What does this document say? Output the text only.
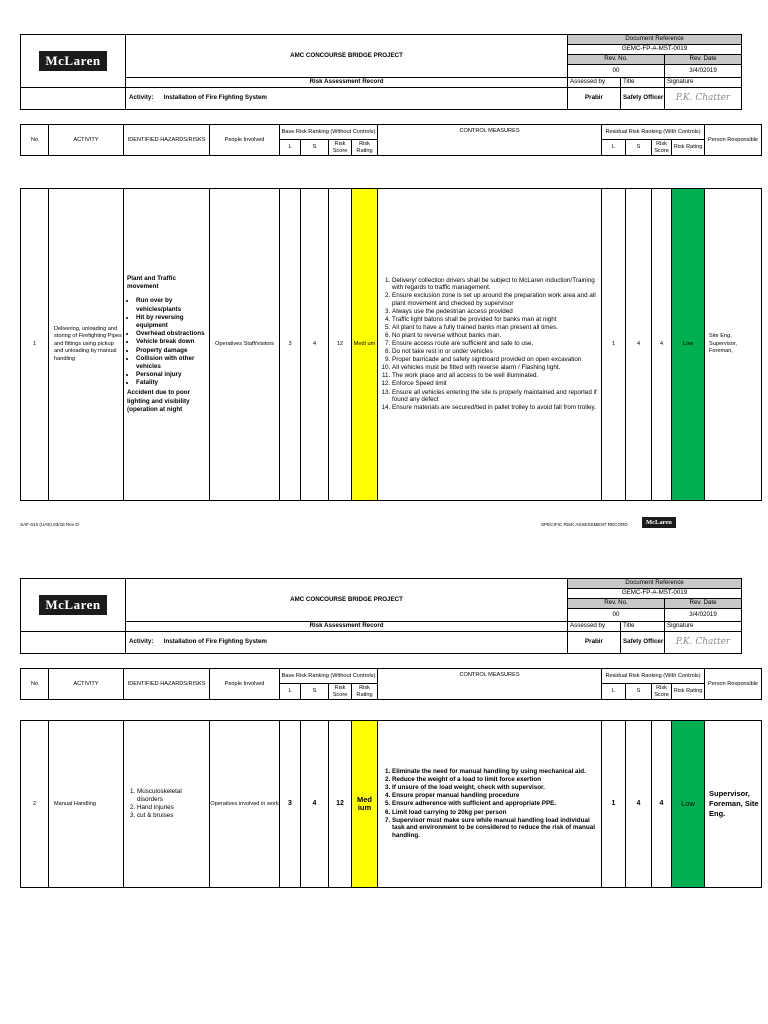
McLaren	AMC CONCOURSE BRIDGE PROJECT	Document Reference		
		GEMC-FP-A-MST-0019		
		Rev. No.		Rev. Date
		00		3/4/02019
	Risk Assessment Record	Assessed by	Title	Signature
	Activity: Installation of Fire Fighting System	Prabir	Safety Officer	P.K. Chatter
No	ACTIVITY	IDENTIFIED HAZARDS/RISKS	People Involved	Base Risk Ranking (Without Controls)				CONTROL MEASURES	Residual Risk Ranking (With Controls)				Person Responsible
				L	S	Risk Score	Risk Rating		L	S	Risk Score	Risk Rating	
1	Delivering, unloading and storing of Firefighting Pipes and fittings using pickup and unloading by manual handling	
Plant and Traffic movement
• Run over by vehicles/plants
• Hit by reversing equipment
• Overhead obstractions
• Vehicle break down
• Property damage
• Collision with other vehicles
• Personal injury
• Fatality
Accident due to poor lighting and visibility (operation at night
	Operatives Staff/visitors	3	4	12	Medi um	
1. Delivery/ collection drivers shall be subject to McLaren induction/Training with regards to traffic management.
2. Ensure exclusion zone is set up around the preparation work area and all plant movement and checked by supervisor
3. Always use the pedestrian access provided
4. Traffic light batons shall be provided for banks man at night
5. All plant to have a fully trained banks man present all times.
6. No plant to reverse without banks man.
7. Ensure access route are sufficient and safe to use.
8. Do not take rest in or under vehicles
9. Proper barricade and safety signboard provided on open excavation
10. All vehicles must be fitted with reverse alarm / Flashing light.
11. The work place and all access to be well illuminated.
12. Enforce Speed limit
13. Ensure all vehicles entering the site is properly maintained and reported if found any defect
14. Ensure materials are secured/tied in pallet trolley to avoid fall from trolley.
	1	4	4	Low	Site Eng. Supervisor, Foreman,
SAF-010 (UAE) 03/18 Rev D	SPECIFIC RISK ASSESSMENT RECORD	McLaren
McLaren	AMC CONCOURSE BRIDGE PROJECT	Document Reference		
		GEMC-FP-A-MST-0019		
		Rev. No.		Rev. Date
		00		3/4/02019
	Risk Assessment Record	Assessed by	Title	Signature
	Activity: Installation of Fire Fighting System	Prabir	Safety Officer	P.K. Chatter
No	ACTIVITY	IDENTIFIED HAZARDS/RISKS	People Involved	Base Risk Ranking (Without Controls)				CONTROL MEASURES	Residual Risk Ranking (With Controls)				Person Responsible
				L	S	Risk Score	Risk Rating		L	S	Risk Score	Risk Rating	
2	Manual Handling	
1. Musculoskeletal disorders
2. Hand injuries
3. cut & bruises
	Operatives involved in work	3	4	12	Med ium	
1. Eliminate the need for manual handling by using mechanical aid.
2. Reduce the weight of a load to limit force exertion
3. If unsure of the load weight, check with supervisor.
4. Ensure proper manual handling procedure
5. Ensure adherence with sufficient and appropriate PPE.
6. Limit load carrying to 20kg per person
7. Supervisor must make sure while manual handling load individual task and environment to be considered to reduce the risk of manual handling.
	1	4	4	Low	Supervisor, Foreman, Site Eng.
